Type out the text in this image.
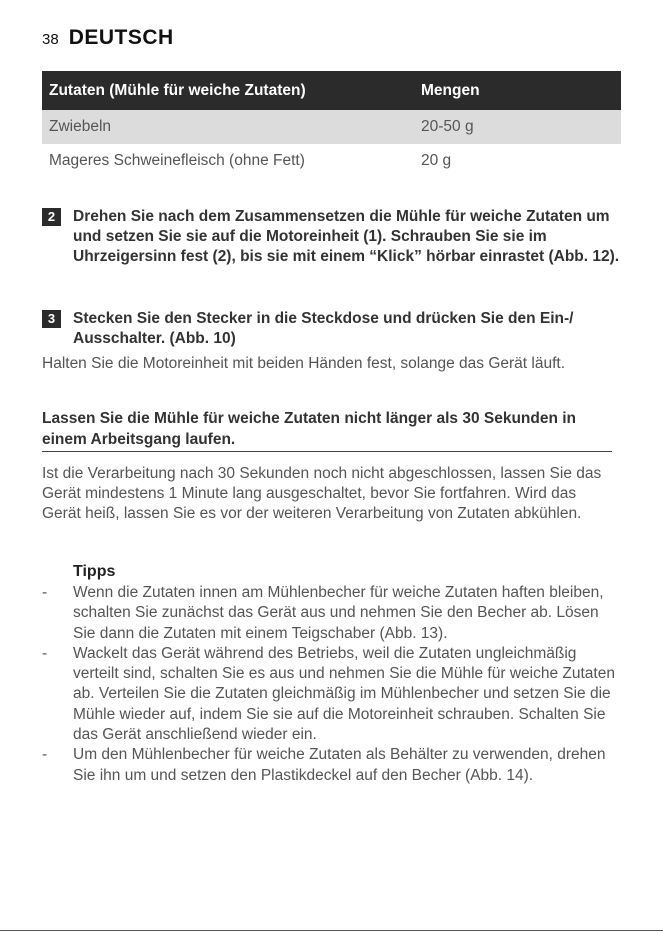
38 DEUTSCH
Zutaten (Mühle für weiche Zutaten)	Mengen
Zwiebeln	20-50 g
Mageres Schweinefleisch (ohne Fett)	20 g
2	Drehen Sie nach dem Zusammensetzen die Mühle für weiche Zutaten um und setzen Sie sie auf die Motoreinheit (1). Schrauben Sie sie im Uhrzeigersinn fest (2), bis sie mit einem “Klick” hörbar einrastet (Abb. 12).
3	Stecken Sie den Stecker in die Steckdose und drücken Sie den Ein-/ Ausschalter. (Abb. 10)
Halten Sie die Motoreinheit mit beiden Händen fest, solange das Gerät läuft.
Lassen Sie die Mühle für weiche Zutaten nicht länger als 30 Sekunden in einem Arbeitsgang laufen.
Ist die Verarbeitung nach 30 Sekunden noch nicht abgeschlossen, lassen Sie das Gerät mindestens 1 Minute lang ausgeschaltet, bevor Sie fortfahren. Wird das Gerät heiß, lassen Sie es vor der weiteren Verarbeitung von Zutaten abkühlen.
Tipps
- Wenn die Zutaten innen am Mühlenbecher für weiche Zutaten haften bleiben, schalten Sie zunächst das Gerät aus und nehmen Sie den Becher ab. Lösen Sie dann die Zutaten mit einem Teigschaber (Abb. 13).
- Wackelt das Gerät während des Betriebs, weil die Zutaten ungleichmäßig verteilt sind, schalten Sie es aus und nehmen Sie die Mühle für weiche Zutaten ab. Verteilen Sie die Zutaten gleichmäßig im Mühlenbecher und setzen Sie die Mühle wieder auf, indem Sie sie auf die Motoreinheit schrauben. Schalten Sie das Gerät anschließend wieder ein.
- Um den Mühlenbecher für weiche Zutaten als Behälter zu verwenden, drehen Sie ihn um und setzen den Plastikdeckel auf den Becher (Abb. 14).
